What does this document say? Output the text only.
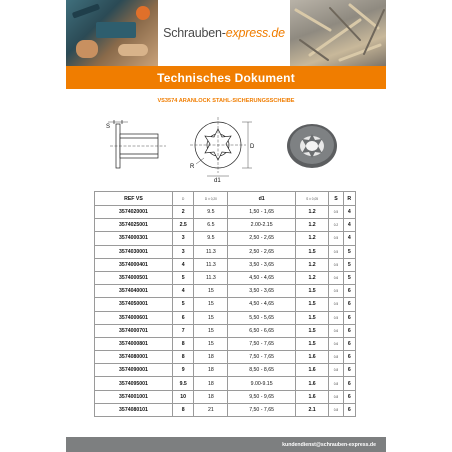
Schrauben-express.de
Technisches Dokument
VS3574 ARANLOCK STAHL-SICHERUNGSSCHEIBE
S
D
d1
R
REF VS	D	D ± 0,20	d1	S ± 0,05	S	R
3574020001	2	9.5	1,50 - 1,65	1.2	0.5	4
3574025001	2.5	6.5	2.00-2.15	1.2	0.2	4
3574000301	3	9.5	2,50 - 2,65	1.2	0.5	4
3574030001	3	11.3	2,50 - 2,65	1.5	0.5	5
3574000401	4	11.3	3,50 - 3,65	1.2	0.5	5
3574000501	5	11.3	4,50 - 4,65	1.2	0.6	5
3574040001	4	15	3,50 - 3,65	1.5	0.5	6
3574050001	5	15	4,50 - 4,65	1.5	0.5	6
3574000601	6	15	5,50 - 5,65	1.5	0.5	6
3574000701	7	15	6,50 - 6,65	1.5	0.6	6
3574000801	8	15	7,50 - 7,65	1.5	0.6	6
3574080001	8	18	7,50 - 7,65	1.6	0.8	6
3574090001	9	18	8,50 - 8,65	1.6	0.8	6
3574095001	9.5	18	9.00-9.15	1.6	0.8	6
3574001001	10	18	9,50 - 9,65	1.6	0.8	6
3574080101	8	21	7,50 - 7,65	2.1	0.8	6
kundendienst@schrauben-express.de
